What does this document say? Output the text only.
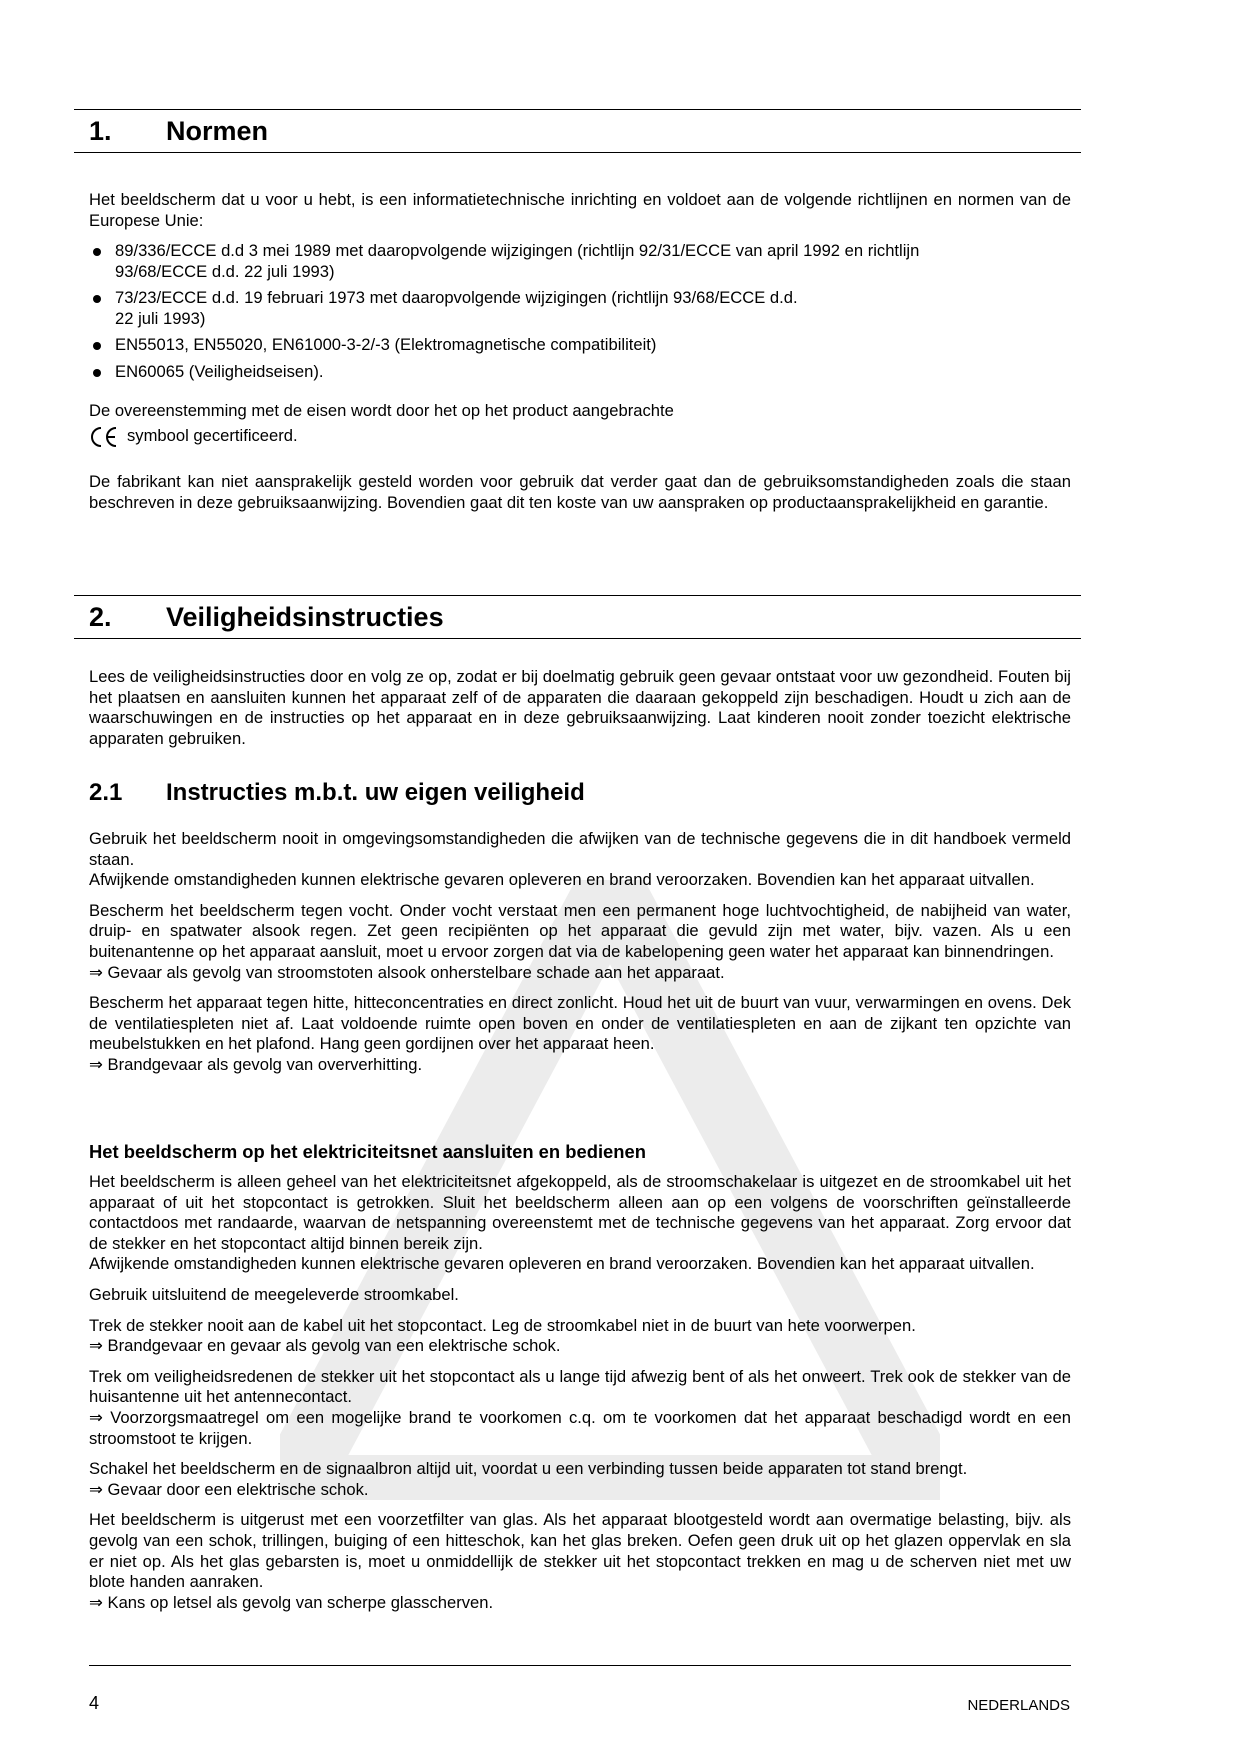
1. Normen

Het beeldscherm dat u voor u hebt, is een informatietechnische inrichting en voldoet aan de volgende richtlijnen en normen van de Europese Unie:

89/336/ECCE d.d 3 mei 1989 met daaropvolgende wijzigingen (richtlijn 92/31/ECCE van april 1992 en richtlijn
93/68/ECCE d.d. 22 juli 1993)
73/23/ECCE d.d. 19 februari 1973 met daaropvolgende wijzigingen (richtlijn 93/68/ECCE d.d.
22 juli 1993)
EN55013, EN55020, EN61000-3-2/-3 (Elektromagnetische compatibiliteit)
EN60065 (Veiligheidseisen).

De overeenstemming met de eisen wordt door het op het product aangebrachte

symbool gecertificeerd.

De fabrikant kan niet aansprakelijk gesteld worden voor gebruik dat verder gaat dan de gebruiksomstandigheden zoals die staan beschreven in deze gebruiksaanwijzing. Bovendien gaat dit ten koste van uw aanspraken op productaansprakelijkheid en garantie.

2. Veiligheidsinstructies

Lees de veiligheidsinstructies door en volg ze op, zodat er bij doelmatig gebruik geen gevaar ontstaat voor uw gezondheid. Fouten bij het plaatsen en aansluiten kunnen het apparaat zelf of de apparaten die daaraan gekoppeld zijn beschadigen. Houdt u zich aan de waarschuwingen en de instructies op het apparaat en in deze gebruiksaanwijzing. Laat kinderen nooit zonder toezicht elektrische apparaten gebruiken.

2.1 Instructies m.b.t. uw eigen veiligheid

Gebruik het beeldscherm nooit in omgevingsomstandigheden die afwijken van de technische gegevens die in dit handboek vermeld staan.
Afwijkende omstandigheden kunnen elektrische gevaren opleveren en brand veroorzaken. Bovendien kan het apparaat uitvallen.

Bescherm het beeldscherm tegen vocht. Onder vocht verstaat men een permanent hoge luchtvochtigheid, de nabijheid van water, druip- en spatwater alsook regen. Zet geen recipiënten op het apparaat die gevuld zijn met water, bijv. vazen. Als u een buitenantenne op het apparaat aansluit, moet u ervoor zorgen dat via de kabelopening geen water het apparaat kan binnendringen.
⇒ Gevaar als gevolg van stroomstoten alsook onherstelbare schade aan het apparaat.

Bescherm het apparaat tegen hitte, hitteconcentraties en direct zonlicht. Houd het uit de buurt van vuur, verwarmingen en ovens. Dek de ventilatiespleten niet af. Laat voldoende ruimte open boven en onder de ventilatiespleten en aan de zijkant ten opzichte van meubelstukken en het plafond. Hang geen gordijnen over het apparaat heen.
⇒ Brandgevaar als gevolg van oververhitting.

Het beeldscherm op het elektriciteitsnet aansluiten en bedienen

Het beeldscherm is alleen geheel van het elektriciteitsnet afgekoppeld, als de stroomschakelaar is uitgezet en de stroomkabel uit het apparaat of uit het stopcontact is getrokken. Sluit het beeldscherm alleen aan op een volgens de voorschriften geïnstalleerde contactdoos met randaarde, waarvan de netspanning overeenstemt met de technische gegevens van het apparaat. Zorg ervoor dat de stekker en het stopcontact altijd binnen bereik zijn.
Afwijkende omstandigheden kunnen elektrische gevaren opleveren en brand veroorzaken. Bovendien kan het apparaat uitvallen.

Gebruik uitsluitend de meegeleverde stroomkabel.

Trek de stekker nooit aan de kabel uit het stopcontact. Leg de stroomkabel niet in de buurt van hete voorwerpen.
⇒ Brandgevaar en gevaar als gevolg van een elektrische schok.

Trek om veiligheidsredenen de stekker uit het stopcontact als u lange tijd afwezig bent of als het onweert. Trek ook de stekker van de huisantenne uit het antennecontact.
⇒ Voorzorgsmaatregel om een mogelijke brand te voorkomen c.q. om te voorkomen dat het apparaat beschadigd wordt en een stroomstoot te krijgen.

Schakel het beeldscherm en de signaalbron altijd uit, voordat u een verbinding tussen beide apparaten tot stand brengt.
⇒ Gevaar door een elektrische schok.

Het beeldscherm is uitgerust met een voorzetfilter van glas. Als het apparaat blootgesteld wordt aan overmatige belasting, bijv. als gevolg van een schok, trillingen, buiging of een hitteschok, kan het glas breken. Oefen geen druk uit op het glazen oppervlak en sla er niet op. Als het glas gebarsten is, moet u onmiddellijk de stekker uit het stopcontact trekken en mag u de scherven niet met uw blote handen aanraken.
⇒ Kans op letsel als gevolg van scherpe glasscherven.

4	NEDERLANDS
